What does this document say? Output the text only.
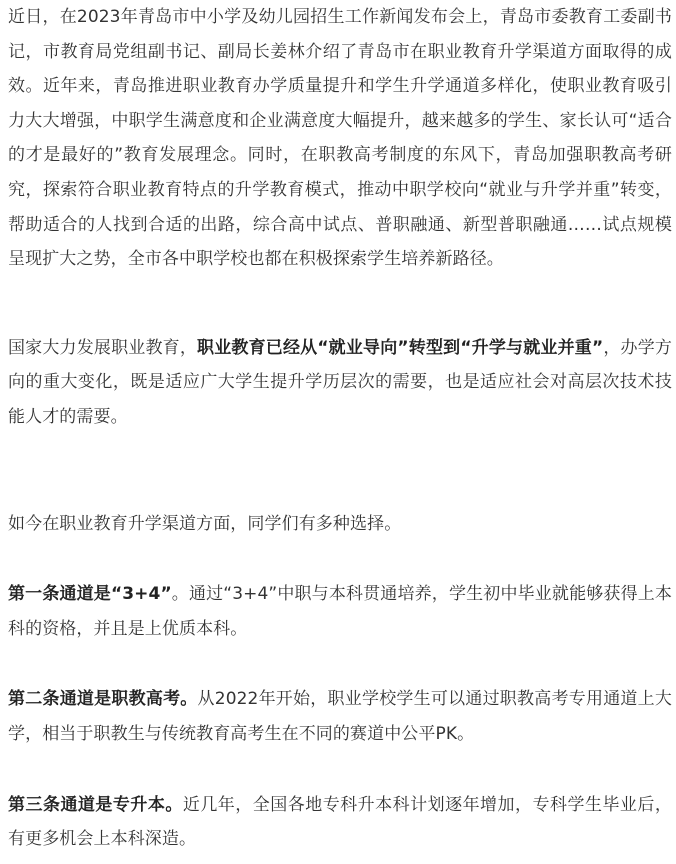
近日，在2023年青岛市中小学及幼儿园招生工作新闻发布会上，青岛市委教育工委副书记，市教育局党组副书记、副局长姜林介绍了青岛市在职业教育升学渠道方面取得的成效。近年来，青岛推进职业教育办学质量提升和学生升学通道多样化，使职业教育吸引力大大增强，中职学生满意度和企业满意度大幅提升，越来越多的学生、家长认可“适合的才是最好的”教育发展理念。同时，在职教高考制度的东风下，青岛加强职教高考研究，探索符合职业教育特点的升学教育模式，推动中职学校向“就业与升学并重”转变，帮助适合的人找到合适的出路，综合高中试点、普职融通、新型普职融通……试点规模呈现扩大之势，全市各中职学校也都在积极探索学生培养新路径。

国家大力发展职业教育，职业教育已经从“就业导向”转型到“升学与就业并重”，办学方向的重大变化，既是适应广大学生提升学历层次的需要，也是适应社会对高层次技术技能人才的需要。

如今在职业教育升学渠道方面，同学们有多种选择。

第一条通道是“3+4”。通过“3+4”中职与本科贯通培养，学生初中毕业就能够获得上本科的资格，并且是上优质本科。

第二条通道是职教高考。从2022年开始，职业学校学生可以通过职教高考专用通道上大学，相当于职教生与传统教育高考生在不同的赛道中公平PK。

第三条通道是专升本。近几年，全国各地专科升本科计划逐年增加，专科学生毕业后，有更多机会上本科深造。
